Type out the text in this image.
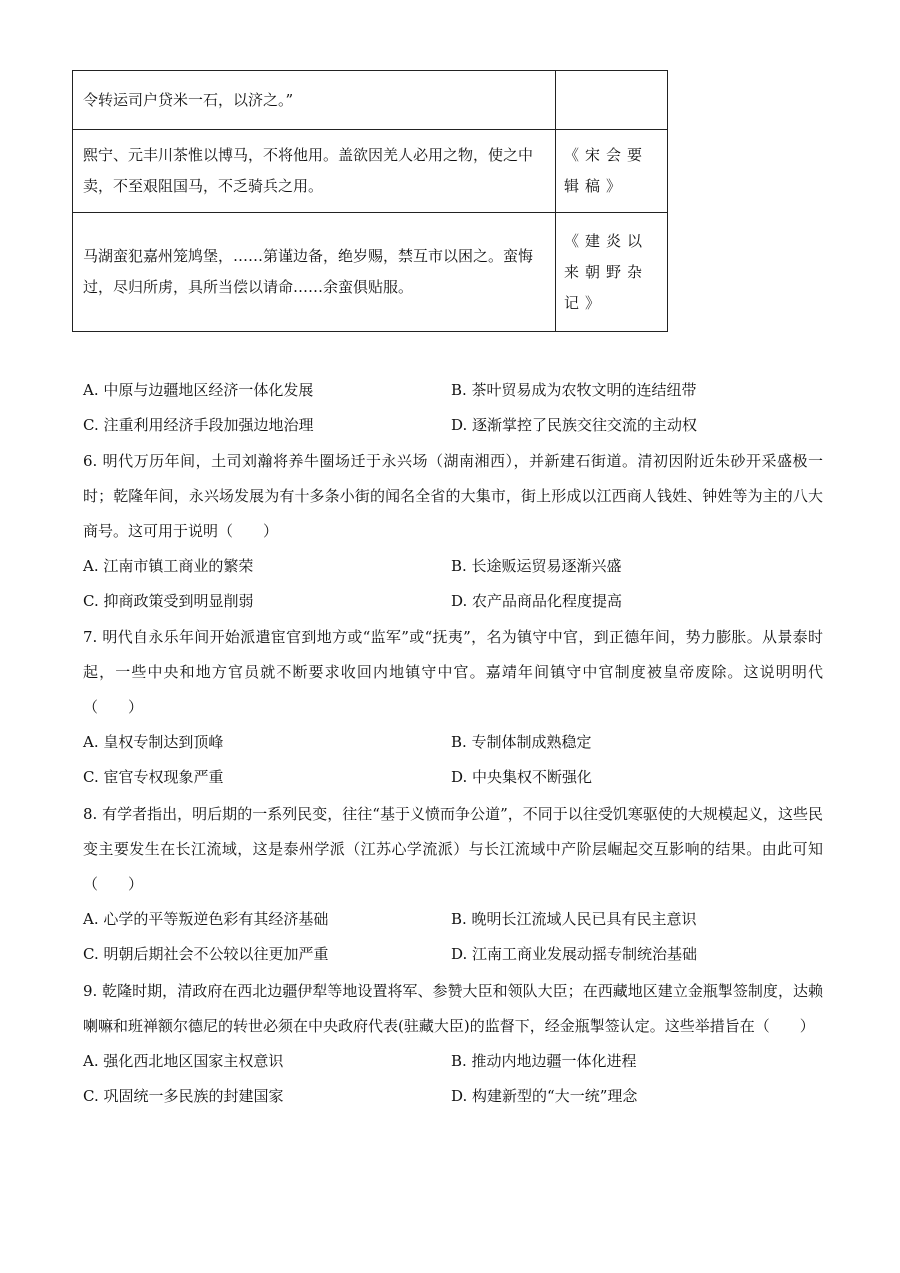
令转运司户贷米一石，以济之。”	
熙宁、元丰川茶惟以博马，不将他用。盖欲因羌人必用之物，使之中卖，不至艰阻国马，不乏骑兵之用。	《宋会要辑稿》
马湖蛮犯嘉州笼鸠堡，……第谨边备，绝岁赐，禁互市以困之。蛮悔过，尽归所虏，具所当偿以请命……余蛮俱贴服。	《建炎以来朝野杂记》
A. 中原与边疆地区经济一体化发展	B. 茶叶贸易成为农牧文明的连结纽带
C. 注重利用经济手段加强边地治理	D. 逐渐掌控了民族交往交流的主动权

6. 明代万历年间，土司刘瀚将养牛圈场迁于永兴场（湖南湘西），并新建石街道。清初因附近朱砂开采盛极一时；乾隆年间，永兴场发展为有十多条小街的闻名全省的大集市，街上形成以江西商人钱姓、钟姓等为主的八大商号。这可用于说明（　　）

A. 江南市镇工商业的繁荣	B. 长途贩运贸易逐渐兴盛
C. 抑商政策受到明显削弱	D. 农产品商品化程度提高

7. 明代自永乐年间开始派遣宦官到地方或“监军”或“抚夷”，名为镇守中官，到正德年间，势力膨胀。从景泰时起，一些中央和地方官员就不断要求收回内地镇守中官。嘉靖年间镇守中官制度被皇帝废除。这说明明代（　　）

A. 皇权专制达到顶峰	B. 专制体制成熟稳定
C. 宦官专权现象严重	D. 中央集权不断强化

8. 有学者指出，明后期的一系列民变，往往“基于义愤而争公道”，不同于以往受饥寒驱使的大规模起义，这些民变主要发生在长江流域，这是泰州学派（江苏心学流派）与长江流域中产阶层崛起交互影响的结果。由此可知（　　）

A. 心学的平等叛逆色彩有其经济基础	B. 晚明长江流域人民已具有民主意识
C. 明朝后期社会不公较以往更加严重	D. 江南工商业发展动摇专制统治基础

9. 乾隆时期，清政府在西北边疆伊犁等地设置将军、参赞大臣和领队大臣；在西藏地区建立金瓶掣签制度，达赖喇嘛和班禅额尔德尼的转世必须在中央政府代表(驻藏大臣)的监督下，经金瓶掣签认定。这些举措旨在（　　）

A. 强化西北地区国家主权意识	B. 推动内地边疆一体化进程
C. 巩固统一多民族的封建国家	D. 构建新型的“大一统”理念
